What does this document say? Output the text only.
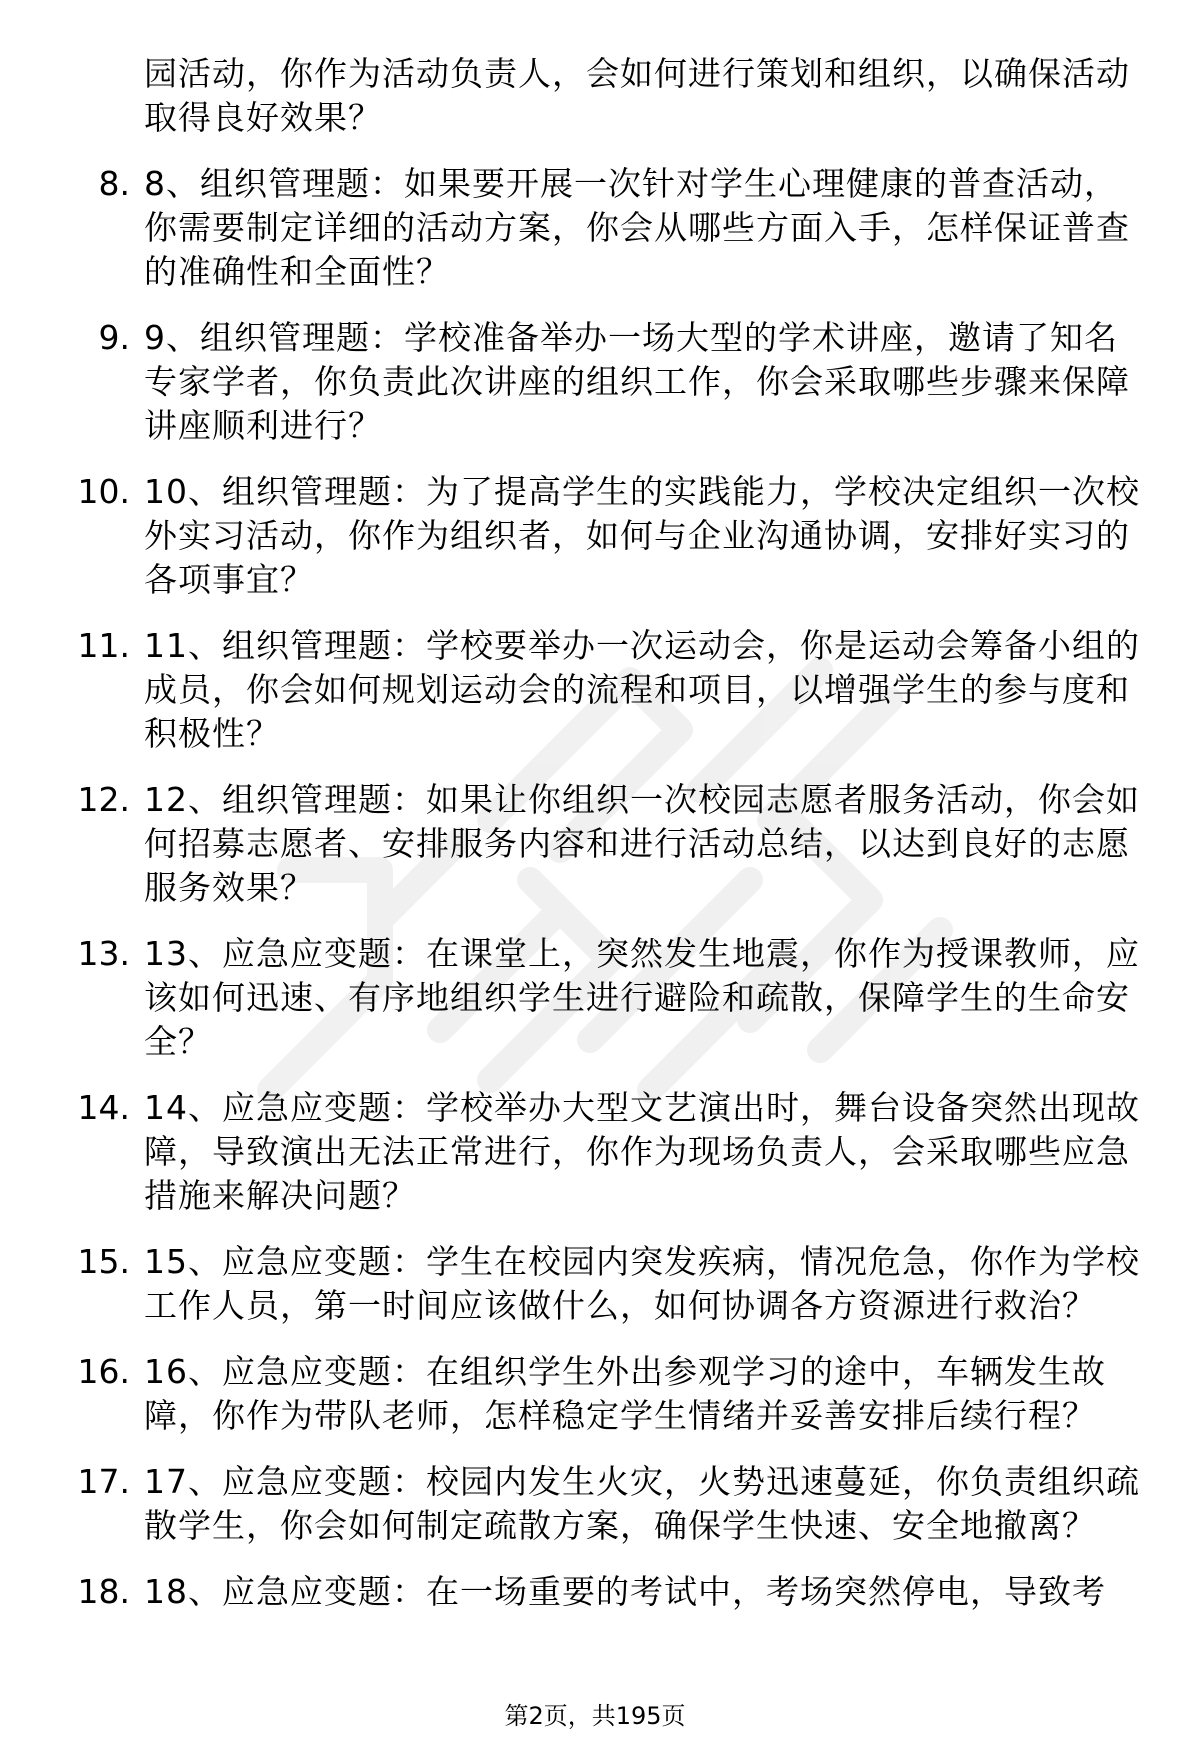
园活动，你作为活动负责人，会如何进行策划和组织，以确保活动取得良好效果？
8. 8、组织管理题：如果要开展一次针对学生心理健康的普查活动，你需要制定详细的活动方案，你会从哪些方面入手，怎样保证普查的准确性和全面性？
9. 9、组织管理题：学校准备举办一场大型的学术讲座，邀请了知名专家学者，你负责此次讲座的组织工作，你会采取哪些步骤来保障讲座顺利进行？
10. 10、组织管理题：为了提高学生的实践能力，学校决定组织一次校外实习活动，你作为组织者，如何与企业沟通协调，安排好实习的各项事宜？
11. 11、组织管理题：学校要举办一次运动会，你是运动会筹备小组的成员，你会如何规划运动会的流程和项目，以增强学生的参与度和积极性？
12. 12、组织管理题：如果让你组织一次校园志愿者服务活动，你会如何招募志愿者、安排服务内容和进行活动总结，以达到良好的志愿服务效果？
13. 13、应急应变题：在课堂上，突然发生地震，你作为授课教师，应该如何迅速、有序地组织学生进行避险和疏散，保障学生的生命安全？
14. 14、应急应变题：学校举办大型文艺演出时，舞台设备突然出现故障，导致演出无法正常进行，你作为现场负责人，会采取哪些应急措施来解决问题？
15. 15、应急应变题：学生在校园内突发疾病，情况危急，你作为学校工作人员，第一时间应该做什么，如何协调各方资源进行救治？
16. 16、应急应变题：在组织学生外出参观学习的途中，车辆发生故障，你作为带队老师，怎样稳定学生情绪并妥善安排后续行程？
17. 17、应急应变题：校园内发生火灾，火势迅速蔓延，你负责组织疏散学生，你会如何制定疏散方案，确保学生快速、安全地撤离？
18. 18、应急应变题：在一场重要的考试中，考场突然停电，导致考
第2页，共195页
